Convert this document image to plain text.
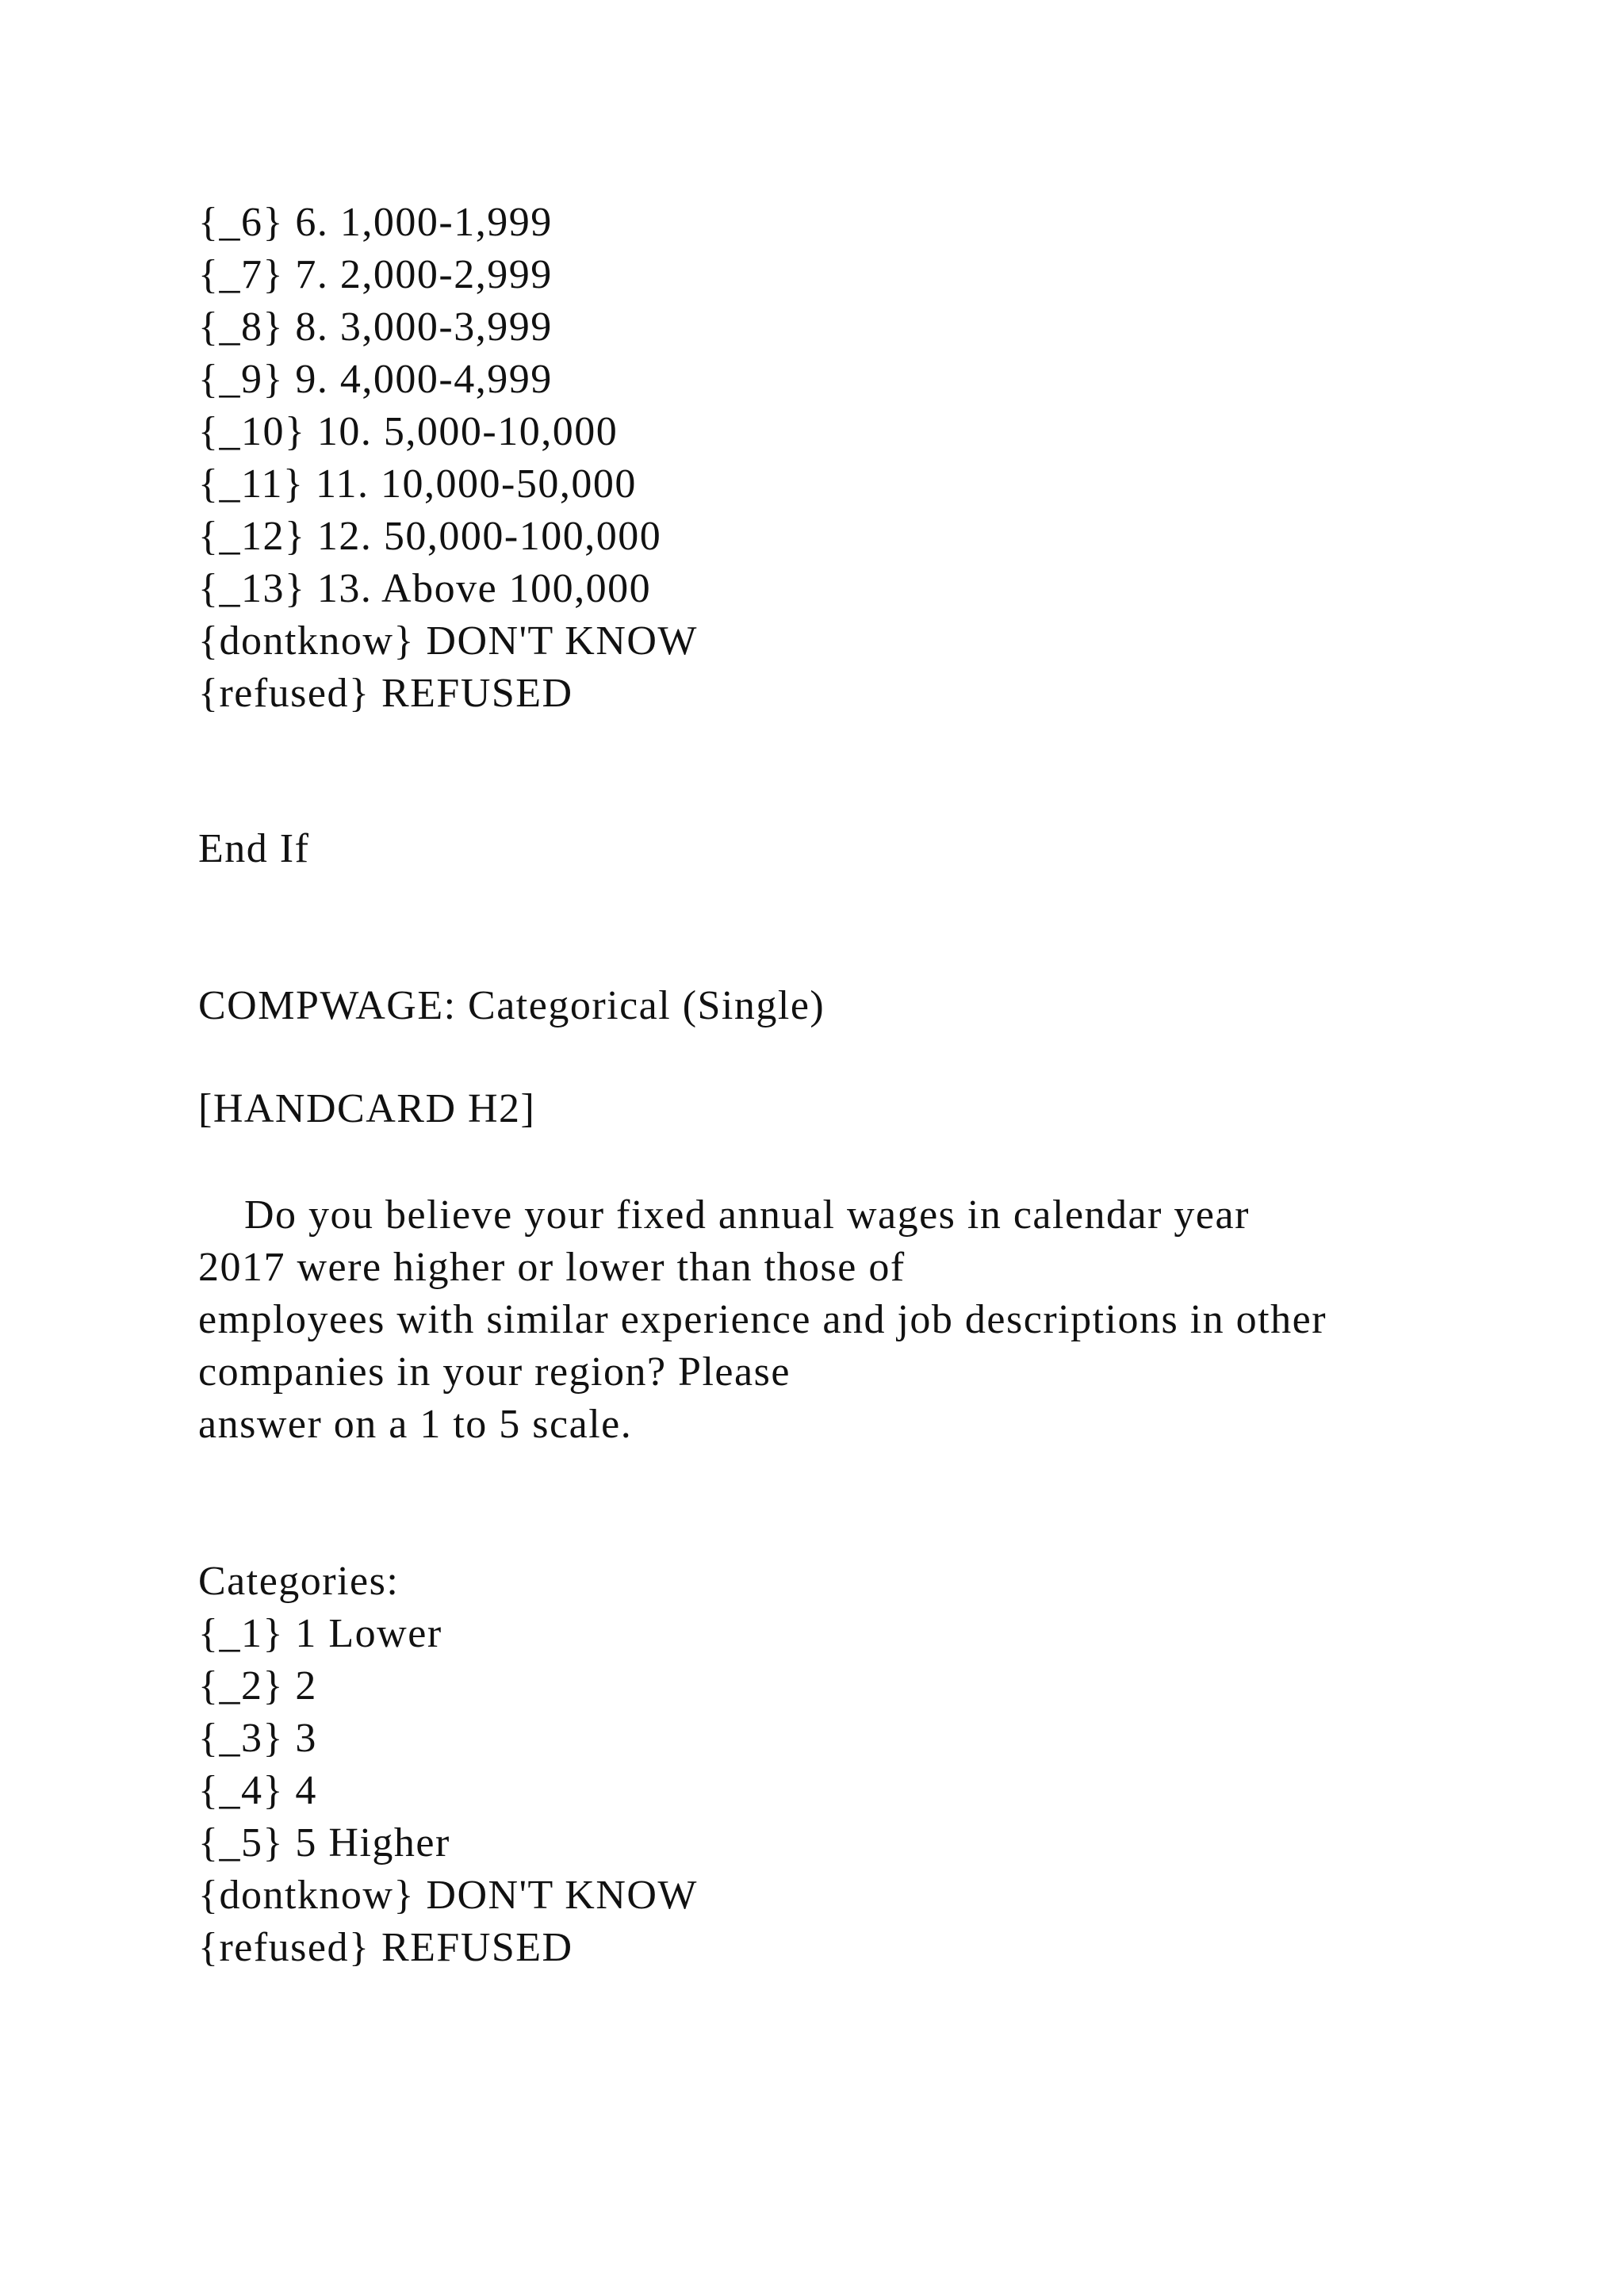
{_6} 6. 1,000-1,999
{_7} 7. 2,000-2,999
{_8} 8. 3,000-3,999
{_9} 9. 4,000-4,999
{_10} 10. 5,000-10,000
{_11} 11. 10,000-50,000
{_12} 12. 50,000-100,000
{_13} 13. Above 100,000
{dontknow} DON'T KNOW
{refused} REFUSED
End If
COMPWAGE: Categorical (Single)
[HANDCARD H2]
Do you believe your fixed annual wages in calendar year
2017 were higher or lower than those of
employees with similar experience and job descriptions in other
companies in your region? Please
answer on a 1 to 5 scale.
Categories:
{_1} 1 Lower
{_2} 2
{_3} 3
{_4} 4
{_5} 5 Higher
{dontknow} DON'T KNOW
{refused} REFUSED
